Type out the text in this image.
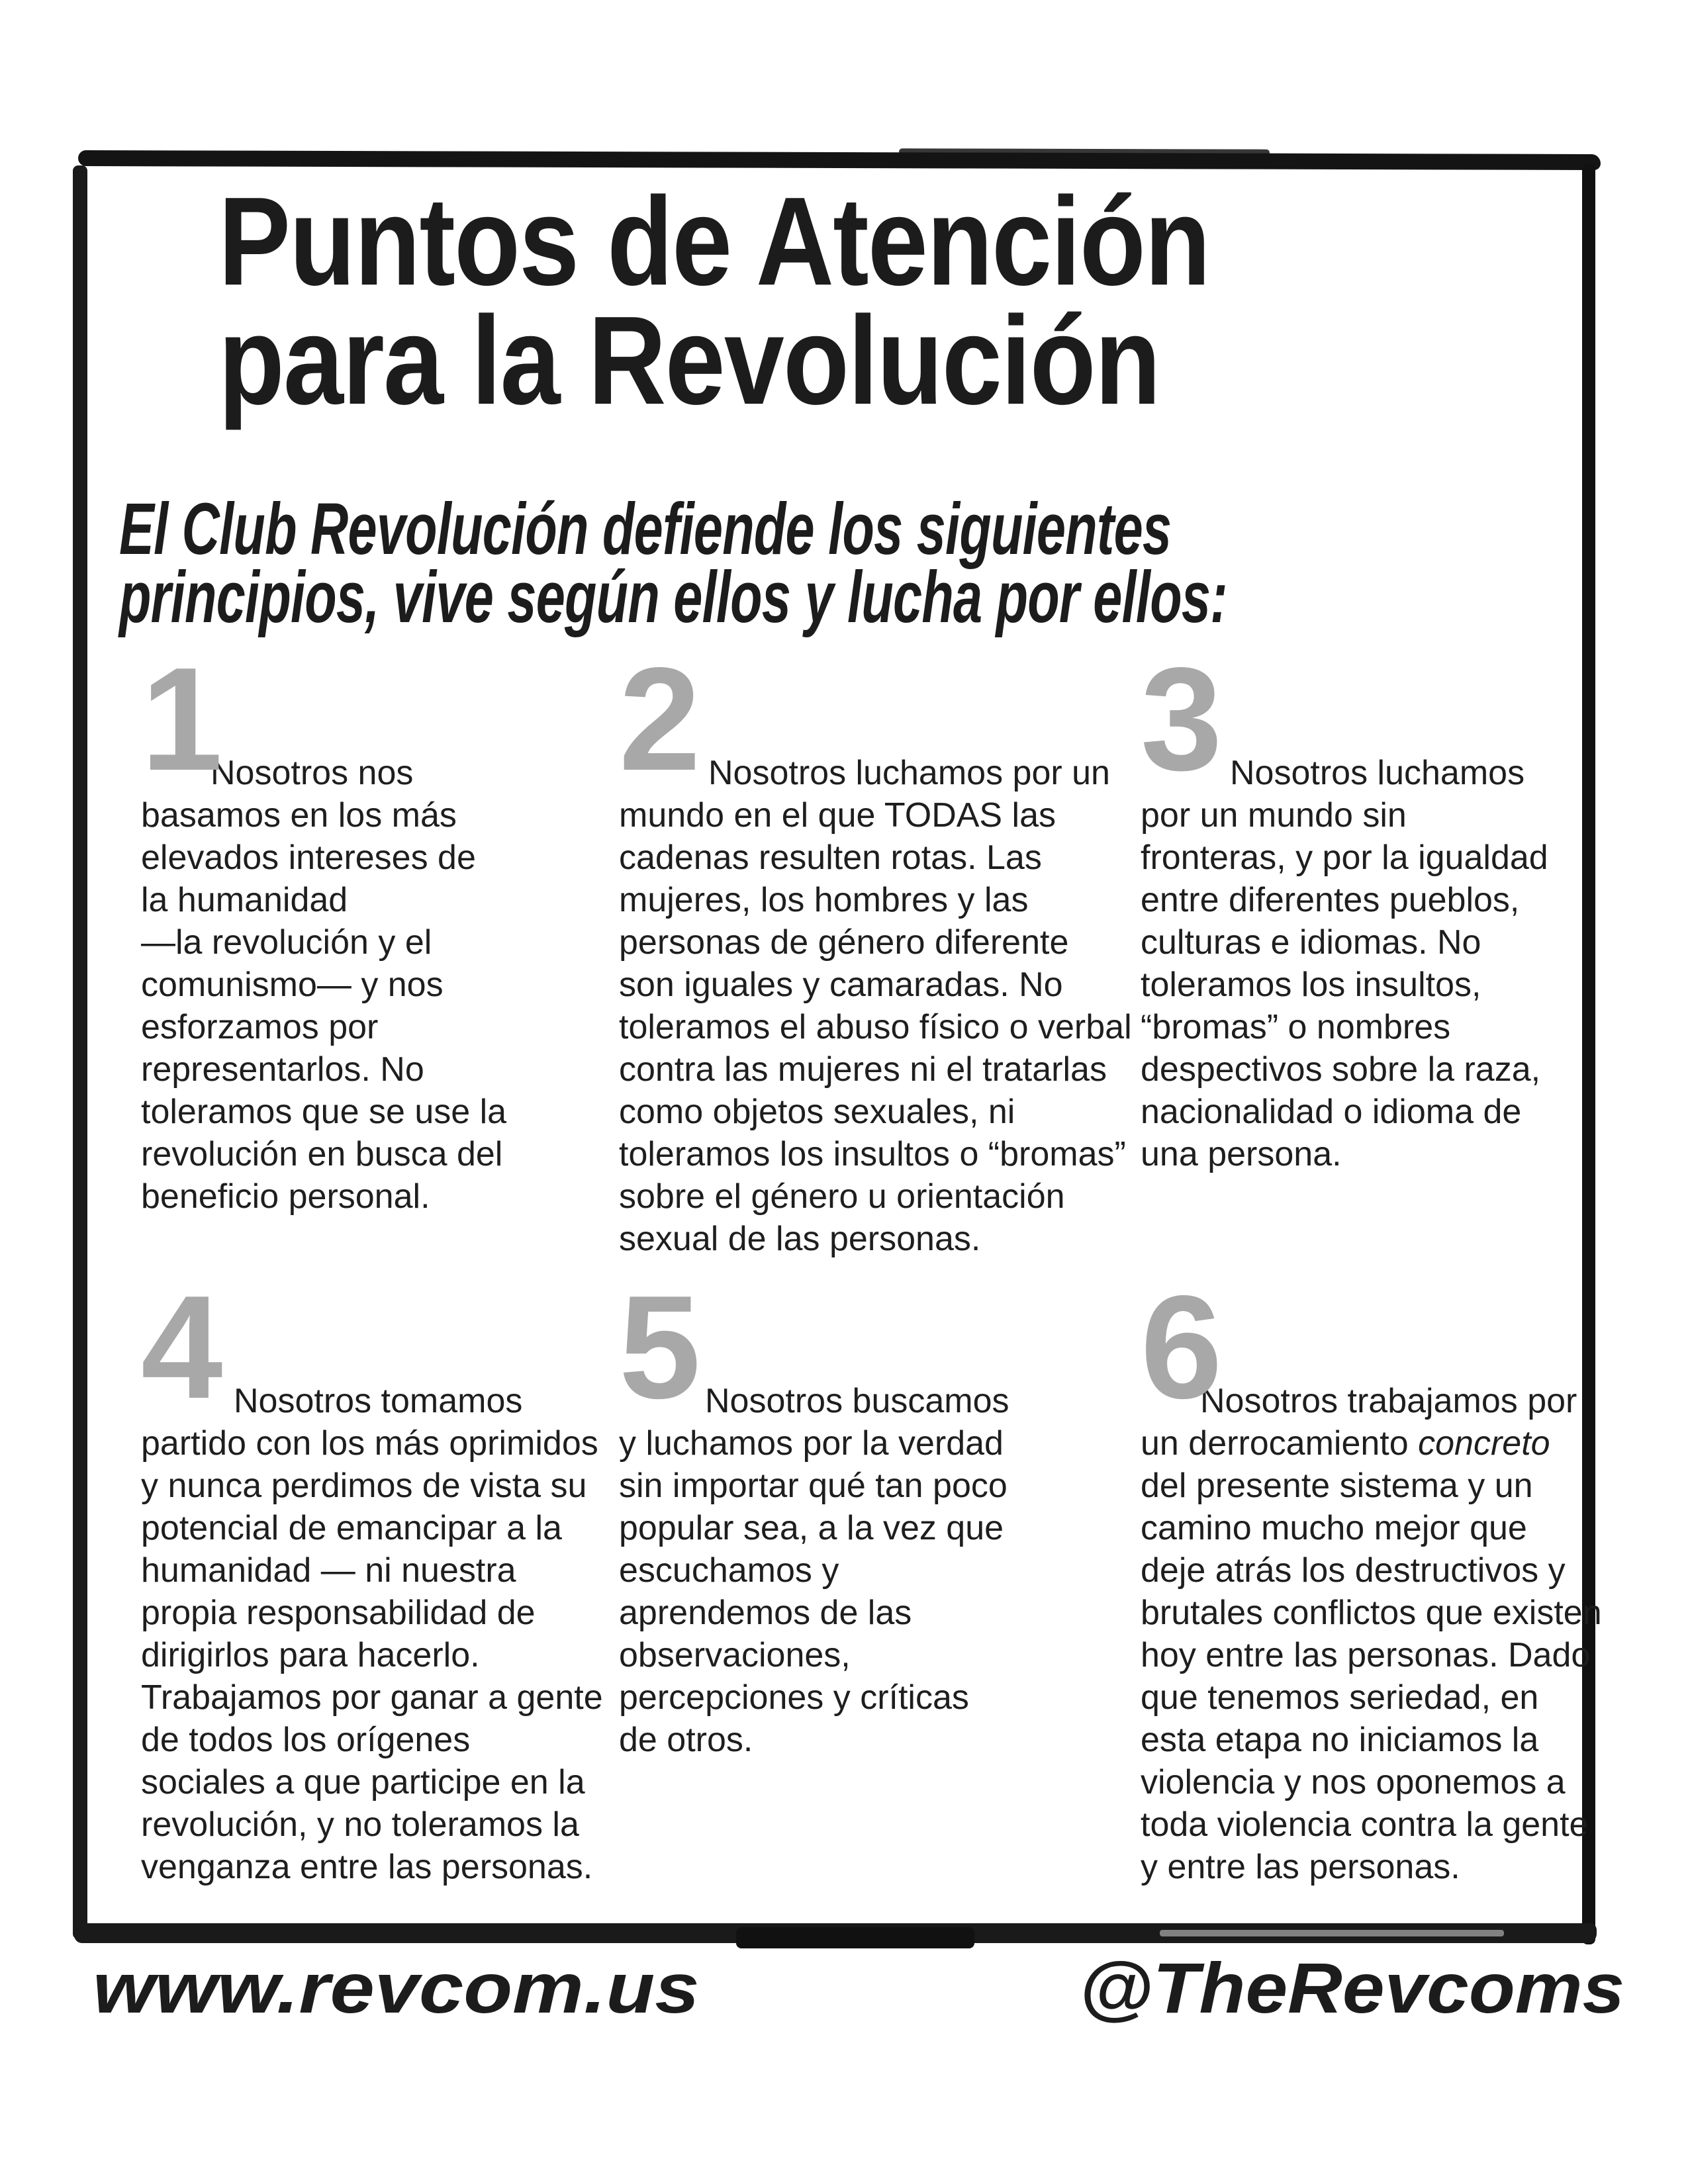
Puntos de Atención
para la Revolución
El Club Revolución defiende los siguientes
principios, vive según ellos y lucha por ellos:
1
Nosotros nos
basamos en los más
elevados intereses de
la humanidad
—la revolución y el
comunismo— y nos
esforzamos por
representarlos. No
toleramos que se use la
revolución en busca del
beneficio personal.
2 Nosotros luchamos por un
mundo en el que TODAS las
cadenas resulten rotas. Las
mujeres, los hombres y las
personas de género diferente
son iguales y camaradas. No
toleramos el abuso físico o verbal
contra las mujeres ni el tratarlas
como objetos sexuales, ni
toleramos los insultos o “bromas”
sobre el género u orientación
sexual de las personas.
3 Nosotros luchamos
por un mundo sin
fronteras, y por la igualdad
entre diferentes pueblos,
culturas e idiomas. No
toleramos los insultos,
“bromas” o nombres
despectivos sobre la raza,
nacionalidad o idioma de
una persona.
4 Nosotros tomamos
partido con los más oprimidos
y nunca perdimos de vista su
potencial de emancipar a la
humanidad — ni nuestra
propia responsabilidad de
dirigirlos para hacerlo.
Trabajamos por ganar a gente
de todos los orígenes
sociales a que participe en la
revolución, y no toleramos la
venganza entre las personas.
5 Nosotros buscamos
y luchamos por la verdad
sin importar qué tan poco
popular sea, a la vez que
escuchamos y
aprendemos de las
observaciones,
percepciones y críticas
de otros.
6
Nosotros trabajamos por
un derrocamiento concreto
del presente sistema y un
camino mucho mejor que
deje atrás los destructivos y
brutales conflictos que existen
hoy entre las personas. Dado
que tenemos seriedad, en
esta etapa no iniciamos la
violencia y nos oponemos a
toda violencia contra la gente
y entre las personas.
www.revcom.us	@TheRevcoms
